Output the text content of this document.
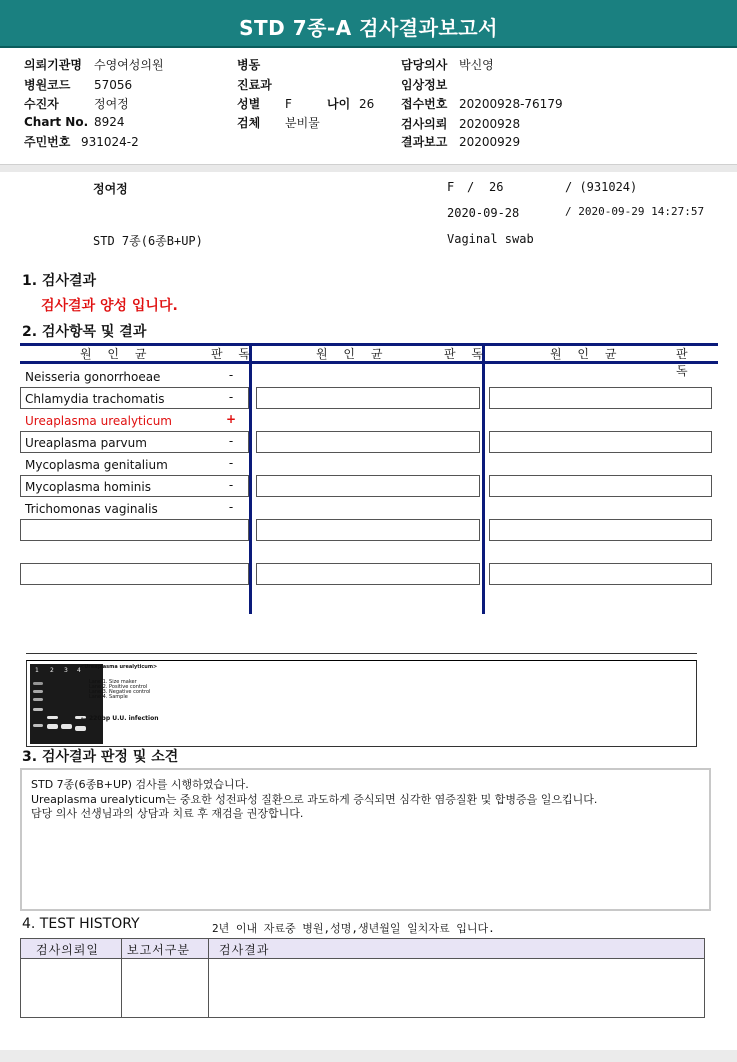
STD 7종-A 검사결과보고서
의뢰기관명 수영여성의원
병원코드 57056
수진자	정여정
Chart No. 8924
주민번호 931024-2
병동
진료과
성별 F	나이 26
검체 분비물
담당의사 박신영
임상정보
접수번호 20200928-76179
검사의뢰 20200928
결과보고 20200929
정여정	F / 26	/ (931024)
2020-09-28	/ 2020-09-29 14:27:57
STD 7종(6종B+UP)	Vaginal swab
1. 검사결과
검사결과 양성 입니다.
2. 검사항목 및 결과
원 인 균	판 독	원 인 균	판 독	원 인 균	판 독
Neisseria gonorrhoeae	-
Chlamydia trachomatis	-
Ureaplasma urealyticum	+
Ureaplasma parvum	-
Mycoplasma genitalium	-
Mycoplasma hominis	-
Trichomonas vaginalis	-
1 2 3 4 <Ureaplasma urealyticum>
Lane 1. Size maker
Lane 2. Positive control
Lane 3. Negative control
Lane 4. Sample
← 220bp U.U. infection
3. 검사결과 판정 및 소견
STD 7종(6종B+UP) 검사를 시행하였습니다.
Ureaplasma urealyticum는 중요한 성전파성 질환으로 과도하게 증식되면 심각한 염증질환 및 합병증을 일으킵니다.
담당 의사 선생님과의 상담과 치료 후 재검을 권장합니다.
4. TEST HISTORY	2년 이내 자료중 병원,성명,생년월일 일치자료 입니다.
검사의뢰일 보고서구분 검사결과
